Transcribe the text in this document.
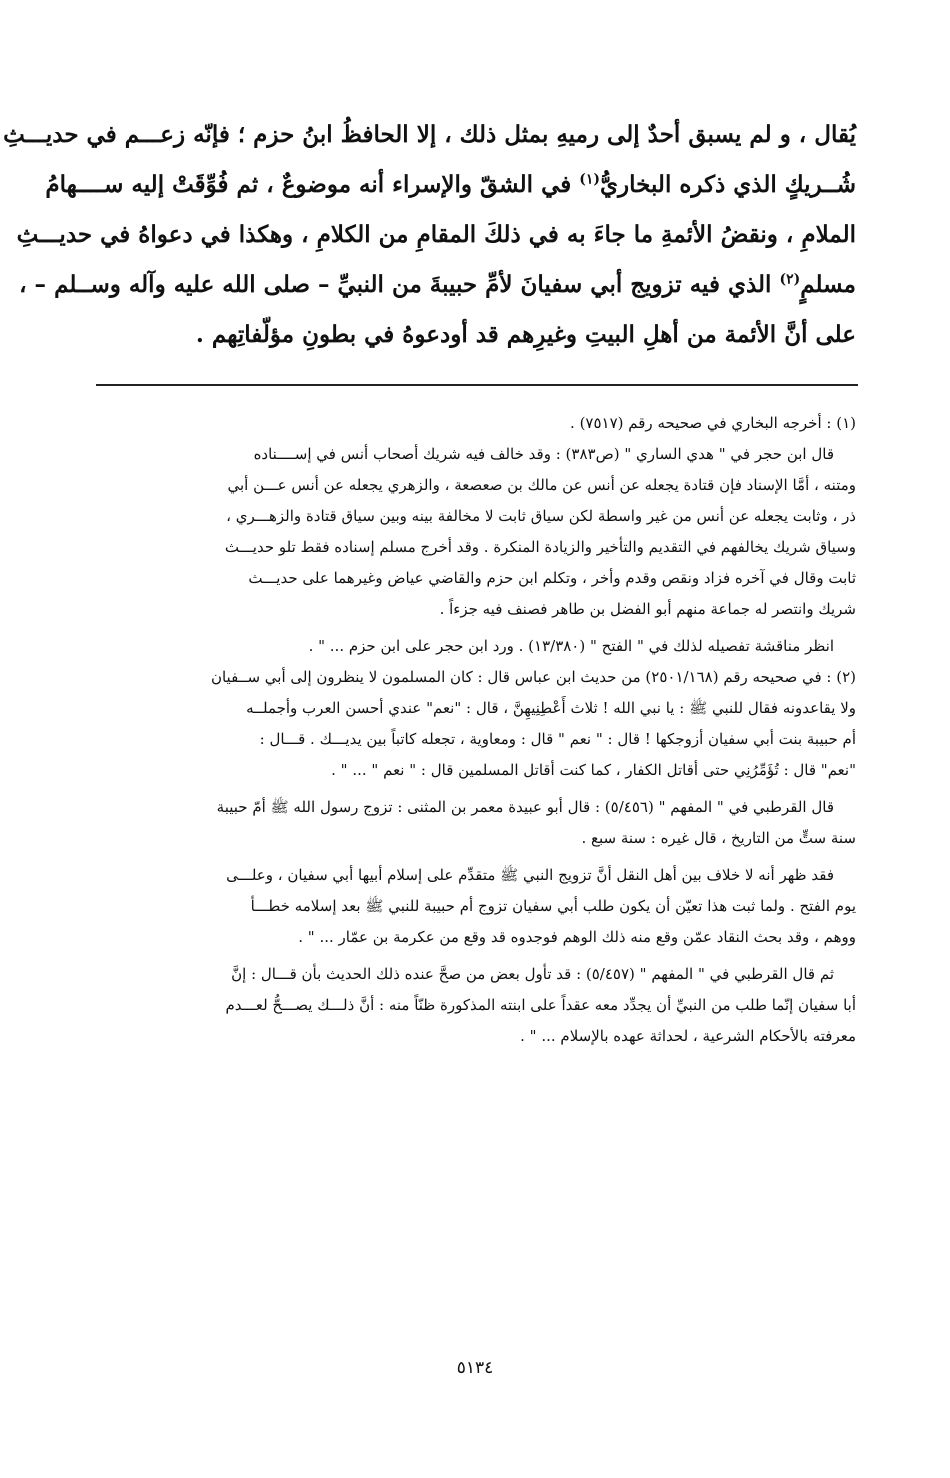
يُقال ، و لم يسبق أحدٌ إلى رميهِ بمثل ذلك ، إلا الحافظُ ابنُ حزم ؛ فإنّه زعـــم في حديـــثِ
شُــريكٍ الذي ذكره البخاريُّ$^{(١)}$ في الشقّ والإسراء أنه موضوعٌ ، ثم فُوِّقَتْ إليه ســــهامُ
الملامِ ، ونقضُ الأئمةِ ما جاءَ به في ذلكَ المقامِ من الكلامِ ، وهكذا في دعواهُ في حديـــثِ
مسلمٍ$^{(٢)}$ الذي فيه تزويج أبي سفيانَ لأمِّ حبيبةَ من النبيِّ – صلى الله عليه وآله وســلم – ،
على أنَّ الأئمة من أهلِ البيتِ وغيرِهم قد أودعوهُ في بطونِ مؤلّفاتِهم .
(١) : أخرجه البخاري في صحيحه رقم (٧٥١٧) .
قال ابن حجر في " هدي الساري " (ص٣٨٣) : وقد خالف فيه شريك أصحاب أنس في إســــناده
ومتنه ، أمَّا الإسناد فإن قتادة يجعله عن أنس عن مالك بن صعصعة ، والزهري يجعله عن أنس عـــن أبي
ذر ، وثابت يجعله عن أنس من غير واسطة لكن سياق ثابت لا مخالفة بينه وبين سياق قتادة والزهـــري ،
وسياق شريك يخالفهم في التقديم والتأخير والزيادة المنكرة . وقد أخرج مسلم إسناده فقط تلو حديـــث
ثابت وقال في آخره فزاد ونقص وقدم وأخر ، وتكلم ابن حزم والقاضي عياض وغيرهما على حديـــث
شريك وانتصر له جماعة منهم أبو الفضل بن طاهر فصنف فيه جزءاً .
انظر مناقشة تفصيله لذلك في " الفتح " (١٣/٣٨٠) . ورد ابن حجر على ابن حزم ... " .
(٢) : في صحيحه رقم (٢٥٠١/١٦٨) من حديث ابن عباس قال : كان المسلمون لا ينظرون إلى أبي ســفيان
ولا يقاعدونه فقال للنبي ﷺ : يا نبي الله ! ثلاث أَعْطِنِيهِنَّ ، قال : "نعم" عندي أحسن العرب وأجملــه
أم حبيبة بنت أبي سفيان أزوجكها ! قال : " نعم " قال : ومعاوية ، تجعله كاتباً بين يديـــك . قـــال :
"نعم" قال : تُؤَمِّرُنِي حتى أقاتل الكفار ، كما كنت أقاتل المسلمين قال : " نعم " ... " .
قال القرطبي في " المفهم " (٥/٤٥٦) : قال أبو عبيدة معمر بن المثنى : تزوج رسول الله ﷺ أمّ حبيبة
سنة ستٍّ من التاريخ ، قال غيره : سنة سبع .
فقد ظهر أنه لا خلاف بين أهل النقل أنَّ تزويج النبي ﷺ متقدِّم على إسلام أبيها أبي سفيان ، وعلـــى
يوم الفتح . ولما ثبت هذا تعيّن أن يكون طلب أبي سفيان تزوج أم حبيبة للنبي ﷺ بعد إسلامه خطـــأ
ووهم ، وقد بحث النقاد عمّن وقع منه ذلك الوهم فوجدوه قد وقع من عكرمة بن عمّار ... " .
ثم قال القرطبي في " المفهم " (٥/٤٥٧) : قد تأول بعض من صحَّ عنده ذلك الحديث بأن قـــال : إنَّ
أبا سفيان إنّما طلب من النبيِّ أن يجدِّد معه عقداً على ابنته المذكورة ظنّاً منه : أنَّ ذلـــك يصـــحُّ لعـــدم
معرفته بالأحكام الشرعية ، لحداثة عهده بالإسلام ... " .
٥١٣٤
